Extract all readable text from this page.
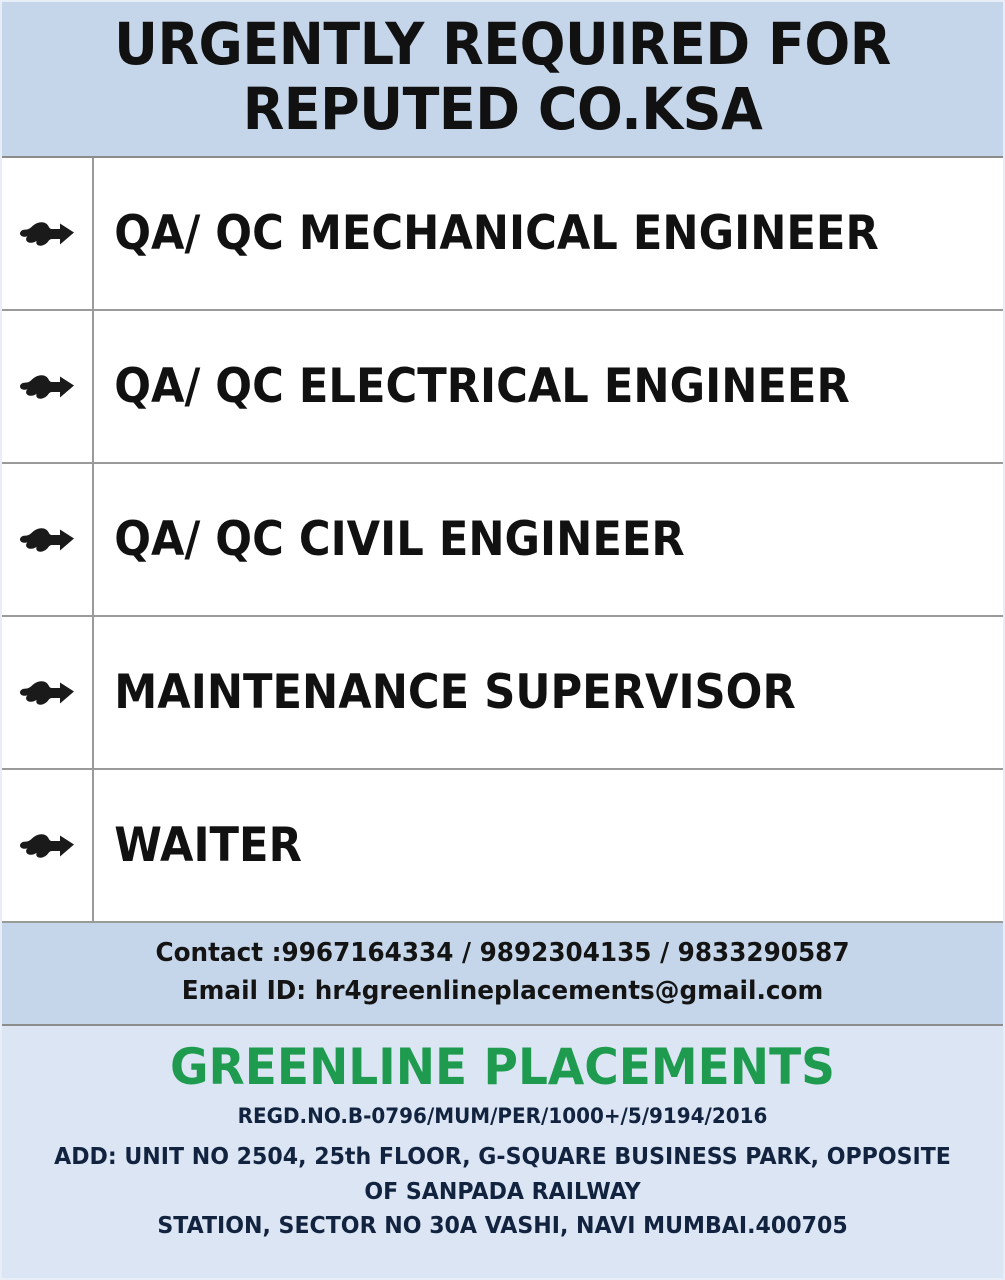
URGENTLY REQUIRED FOR REPUTED CO.KSA
QA/ QC MECHANICAL ENGINEER
QA/ QC ELECTRICAL ENGINEER
QA/ QC CIVIL ENGINEER
MAINTENANCE SUPERVISOR
WAITER
Contact :9967164334 / 9892304135 / 9833290587
Email ID: hr4greenlineplacements@gmail.com
GREENLINE PLACEMENTS
REGD.NO.B-0796/MUM/PER/1000+/5/9194/2016
ADD: UNIT NO 2504, 25th FLOOR, G-SQUARE BUSINESS PARK, OPPOSITE OF SANPADA RAILWAY
STATION, SECTOR NO 30A VASHI, NAVI MUMBAI.400705
